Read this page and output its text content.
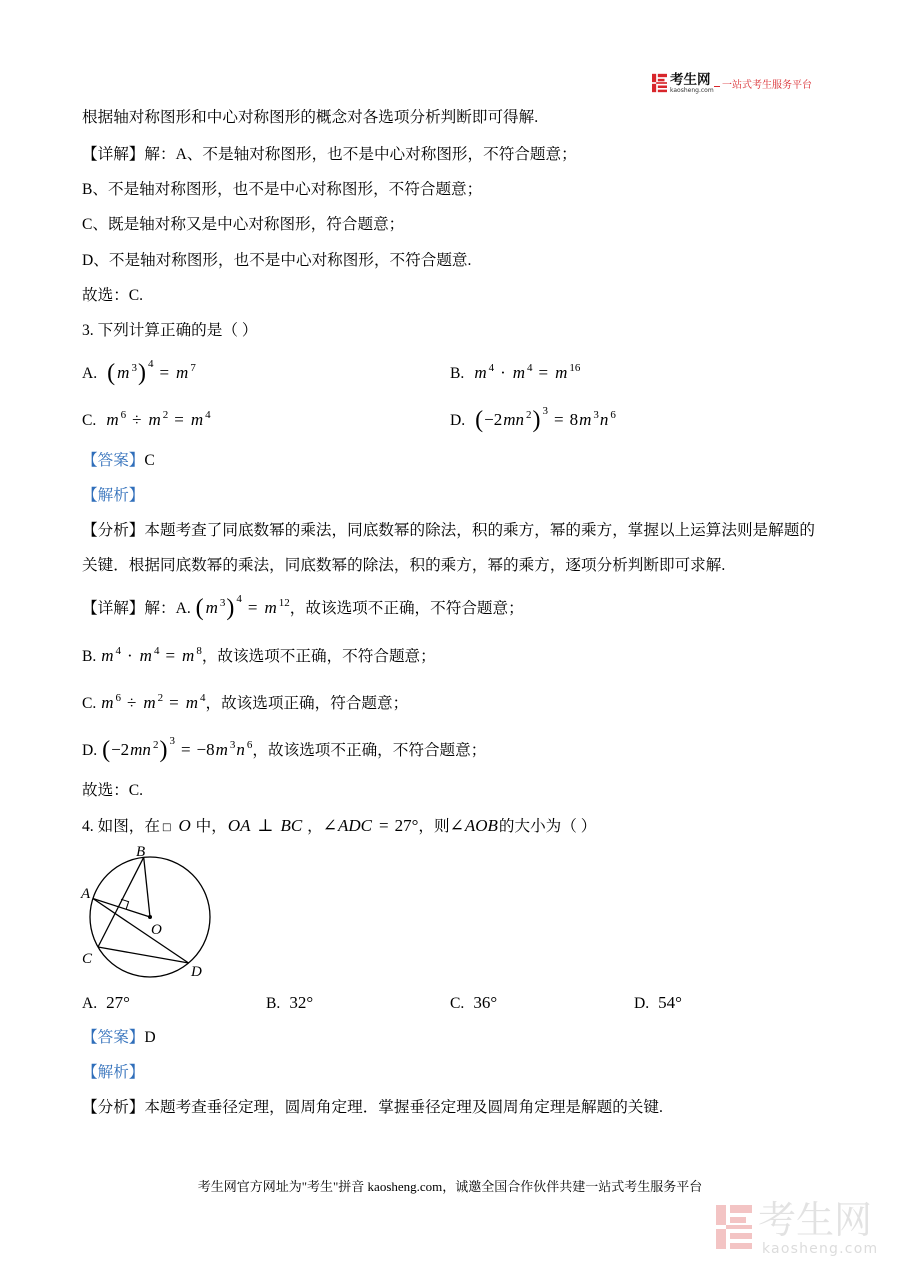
考生网
kaosheng.com 一站式考生服务平台
根据轴对称图形和中心对称图形的概念对各选项分析判断即可得解.
【详解】解：A、不是轴对称图形，也不是中心对称图形，不符合题意；
B、不是轴对称图形，也不是中心对称图形，不符合题意；
C、既是轴对称又是中心对称图形，符合题意；
D、不是轴对称图形，也不是中心对称图形，不符合题意.
故选：C.
3. 下列计算正确的是（ ）
A. ( m $^3$) $^4$ = m $^7$	B. m $^4$ · m $^4$ = m $^{16}$
C. m $^6$ ÷ m $^2$ = m $^4$	D. (−2mn $^2$) $^3$ = 8m $^3$n $^6$
【答案】C
【解析】
【分析】本题考查了同底数幂的乘法，同底数幂的除法，积的乘方，幂的乘方，掌握以上运算法则是解题的
关键．根据同底数幂的乘法，同底数幂的除法，积的乘方，幂的乘方，逐项分析判断即可求解.
【详解】解：A. ( m $^3$) $^4$ = m $^{12}$，故该选项不正确，不符合题意；
B. m $^4$ · m $^4$ = m $^8$，故该选项不正确，不符合题意；
C. m $^6$ ÷ m $^2$ = m $^4$，故该选项正确，符合题意；
D. (−2mn $^2$) $^3$ = −8m $^3$n $^6$，故该选项不正确，不符合题意；
故选：C.
4. 如图，在 □ O 中，OA ⊥ BC ，∠ADC = 27°，则∠AOB的大小为（ ）
B
A
O
C
D
A. 27°	B. 32°	C. 36°	D. 54°
【答案】D
【解析】
【分析】本题考查垂径定理，圆周角定理．掌握垂径定理及圆周角定理是解题的关键.
考生网官方网址为"考生"拼音 kaosheng.com，诚邀全国合作伙伴共建一站式考生服务平台
考生网
kaosheng.com
